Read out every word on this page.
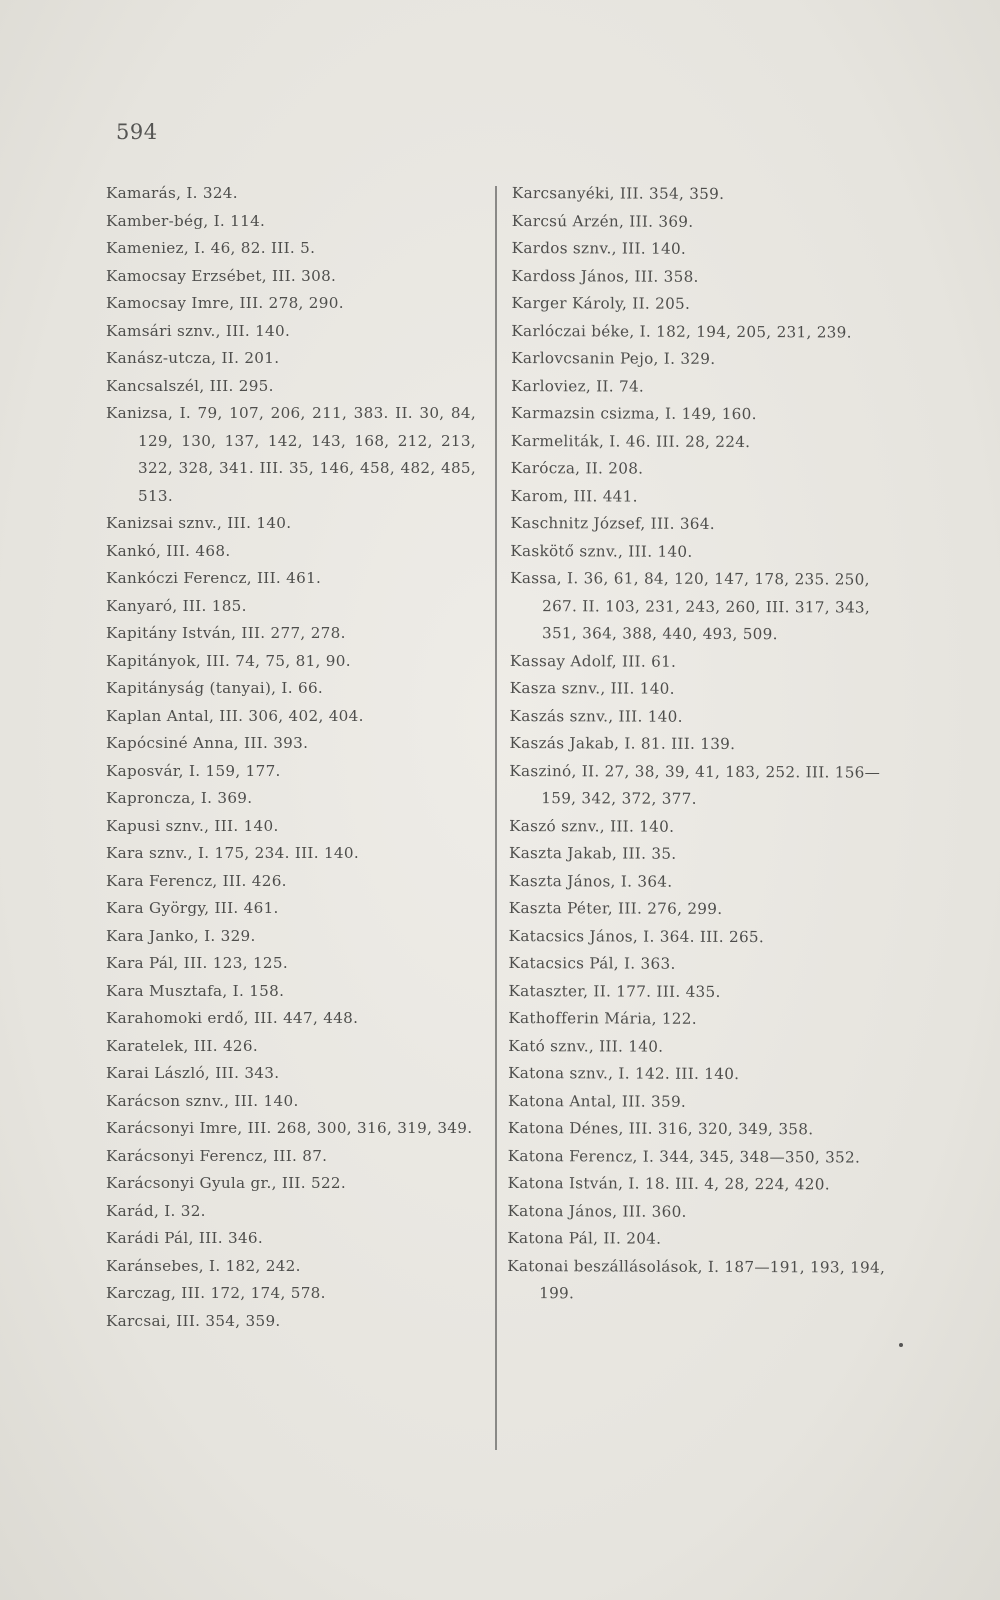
594

Kamarás, I. 324.

Kamber-bég, I. 114.

Kameniez, I. 46, 82. III. 5.

Kamocsay Erzsébet, III. 308.

Kamocsay Imre, III. 278, 290.

Kamsári sznv., III. 140.

Kanász-utcza, II. 201.

Kancsalszél, III. 295.

Kanizsa, I. 79, 107, 206, 211, 383. II. 30, 84, 129, 130, 137, 142, 143, 168, 212, 213, 322, 328, 341. III. 35, 146, 458, 482, 485, 513.

Kanizsai sznv., III. 140.

Kankó, III. 468.

Kankóczi Ferencz, III. 461.

Kanyaró, III. 185.

Kapitány István, III. 277, 278.

Kapitányok, III. 74, 75, 81, 90.

Kapitányság (tanyai), I. 66.

Kaplan Antal, III. 306, 402, 404.

Kapócsiné Anna, III. 393.

Kaposvár, I. 159, 177.

Kaproncza, I. 369.

Kapusi sznv., III. 140.

Kara sznv., I. 175, 234. III. 140.

Kara Ferencz, III. 426.

Kara György, III. 461.

Kara Janko, I. 329.

Kara Pál, III. 123, 125.

Kara Musztafa, I. 158.

Karahomoki erdő, III. 447, 448.

Karatelek, III. 426.

Karai László, III. 343.

Karácson sznv., III. 140.

Karácsonyi Imre, III. 268, 300, 316, 319, 349.

Karácsonyi Ferencz, III. 87.

Karácsonyi Gyula gr., III. 522.

Karád, I. 32.

Karádi Pál, III. 346.

Karánsebes, I. 182, 242.

Karczag, III. 172, 174, 578.

Karcsai, III. 354, 359.

Karcsanyéki, III. 354, 359.

Karcsú Arzén, III. 369.

Kardos sznv., III. 140.

Kardoss János, III. 358.

Karger Károly, II. 205.

Karlóczai béke, I. 182, 194, 205, 231, 239.

Karlovcsanin Pejo, I. 329.

Karloviez, II. 74.

Karmazsin csizma, I. 149, 160.

Karmeliták, I. 46. III. 28, 224.

Karóczа, II. 208.

Karom, III. 441.

Kaschnitz József, III. 364.

Kaskötő sznv., III. 140.

Kassa, I. 36, 61, 84, 120, 147, 178, 235. 250, 267. II. 103, 231, 243, 260, III. 317, 343, 351, 364, 388, 440, 493, 509.

Kassay Adolf, III. 61.

Kasza sznv., III. 140.

Kaszás sznv., III. 140.

Kaszás Jakab, I. 81. III. 139.

Kaszinó, II. 27, 38, 39, 41, 183, 252. III. 156—159, 342, 372, 377.

Kaszó sznv., III. 140.

Kaszta Jakab, III. 35.

Kaszta János, I. 364.

Kaszta Péter, III. 276, 299.

Katacsics János, I. 364. III. 265.

Katacsics Pál, I. 363.

Kataszter, II. 177. III. 435.

Kathofferin Mária, 122.

Kató sznv., III. 140.

Katona sznv., I. 142. III. 140.

Katona Antal, III. 359.

Katona Dénes, III. 316, 320, 349, 358.

Katona Ferencz, I. 344, 345, 348—350, 352.

Katona István, I. 18. III. 4, 28, 224, 420.

Katona János, III. 360.

Katona Pál, II. 204.

Katonai beszállásolások, I. 187—191, 193, 194, 199.
